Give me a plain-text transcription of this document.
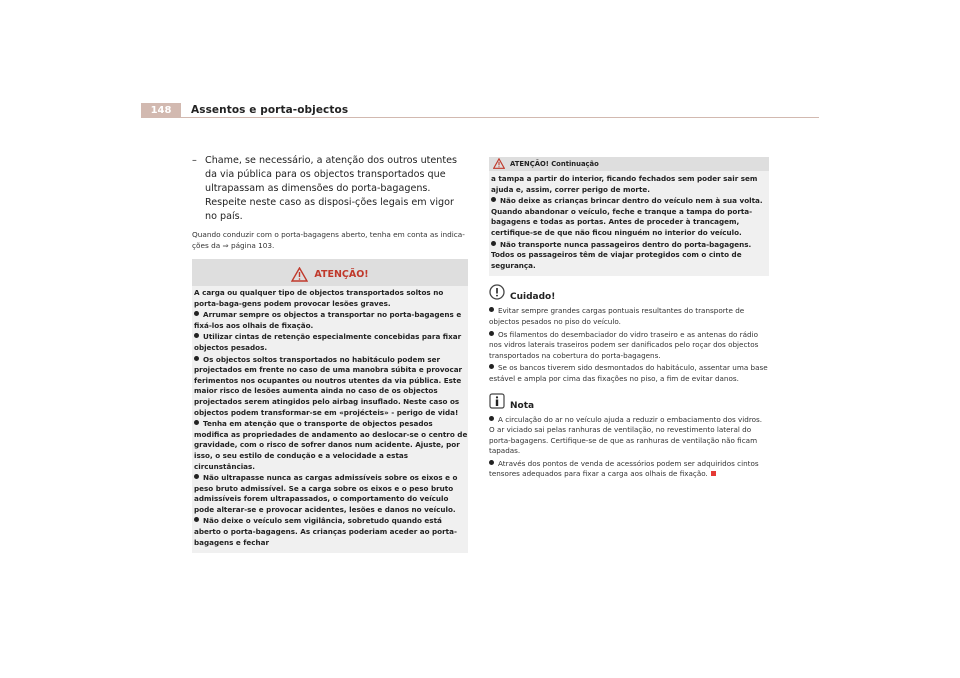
148	Assentos e porta-objectos
– Chame, se necessário, a atenção dos outros utentes da via pública para os objectos transportados que ultrapassam as dimensões do porta-bagagens. Respeite neste caso as disposi-ções legais em vigor no país.
Quando conduzir com o porta-bagagens aberto, tenha em conta as indica-ções da ⇒ página 103.
ATENÇÃO!

A carga ou qualquer tipo de objectos transportados soltos no porta-baga-gens podem provocar lesões graves.

Arrumar sempre os objectos a transportar no porta-bagagens e fixá-los aos olhais de fixação.

Utilizar cintas de retenção especialmente concebidas para fixar objectos pesados.

Os objectos soltos transportados no habitáculo podem ser projectados em frente no caso de uma manobra súbita e provocar ferimentos nos ocupantes ou noutros utentes da via pública. Este maior risco de lesões aumenta ainda no caso de os objectos projectados serem atingidos pelo airbag insuflado. Neste caso os objectos podem transformar-se em «projécteis» - perigo de vida!

Tenha em atenção que o transporte de objectos pesados modifica as propriedades de andamento ao deslocar-se o centro de gravidade, com o risco de sofrer danos num acidente. Ajuste, por isso, o seu estilo de condução e a velocidade a estas circunstâncias.

Não ultrapasse nunca as cargas admissíveis sobre os eixos e o peso bruto admissível. Se a carga sobre os eixos e o peso bruto admissíveis forem ultrapassados, o comportamento do veículo pode alterar-se e provocar acidentes, lesões e danos no veículo.

Não deixe o veículo sem vigilância, sobretudo quando está aberto o porta-bagagens. As crianças poderiam aceder ao porta-bagagens e fechar

ATENÇÃO! Continuação

a tampa a partir do interior, ficando fechados sem poder sair sem ajuda e, assim, correr perigo de morte.

Não deixe as crianças brincar dentro do veículo nem à sua volta. Quando abandonar o veículo, feche e tranque a tampa do porta-bagagens e todas as portas. Antes de proceder à trancagem, certifique-se de que não ficou ninguém no interior do veículo.

Não transporte nunca passageiros dentro do porta-bagagens. Todos os passageiros têm de viajar protegidos com o cinto de segurança.

Cuidado!

Evitar sempre grandes cargas pontuais resultantes do transporte de objectos pesados no piso do veículo.

Os filamentos do desembaciador do vidro traseiro e as antenas do rádio nos vidros laterais traseiros podem ser danificados pelo roçar dos objectos transportados na cobertura do porta-bagagens.

Se os bancos tiverem sido desmontados do habitáculo, assentar uma base estável e ampla por cima das fixações no piso, a fim de evitar danos.

Nota

A circulação do ar no veículo ajuda a reduzir o embaciamento dos vidros. O ar viciado sai pelas ranhuras de ventilação, no revestimento lateral do porta-bagagens. Certifique-se de que as ranhuras de ventilação não ficam tapadas.

Através dos pontos de venda de acessórios podem ser adquiridos cintos tensores adequados para fixar a carga aos olhais de fixação.
